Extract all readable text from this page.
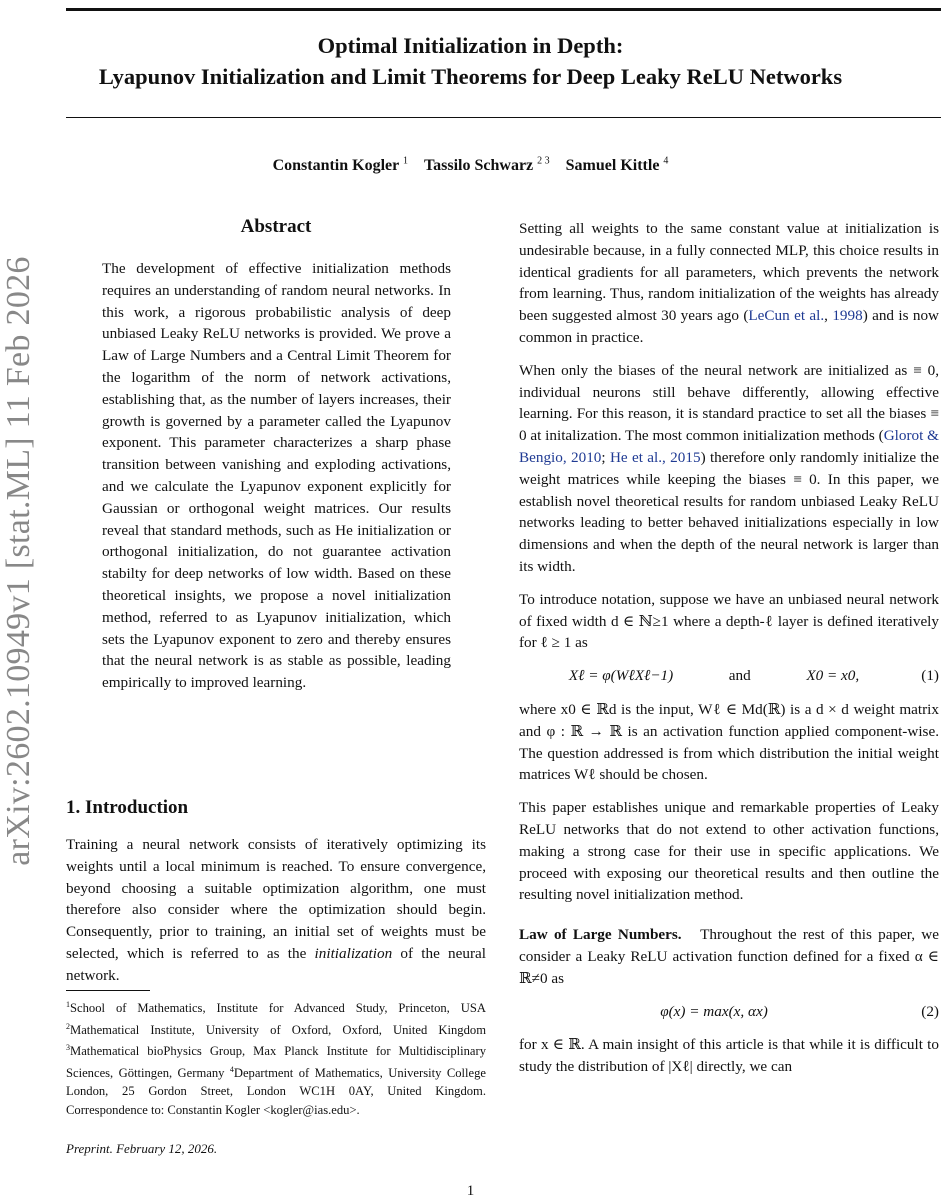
Optimal Initialization in Depth:
Lyapunov Initialization and Limit Theorems for Deep Leaky ReLU Networks
Constantin Kogler $^1$ Tassilo Schwarz $^{2 3}$ Samuel Kittle $^4$
arXiv:2602.10949v1 [stat.ML] 11 Feb 2026
Abstract
The development of effective initialization methods requires an understanding of random neural networks. In this work, a rigorous probabilistic analysis of deep unbiased Leaky ReLU networks is provided. We prove a Law of Large Numbers and a Central Limit Theorem for the logarithm of the norm of network activations, establishing that, as the number of layers increases, their growth is governed by a parameter called the Lyapunov exponent. This parameter characterizes a sharp phase transition between vanishing and exploding activations, and we calculate the Lyapunov exponent explicitly for Gaussian or orthogonal weight matrices. Our results reveal that standard methods, such as He initialization or orthogonal initialization, do not guarantee activation stabilty for deep networks of low width. Based on these theoretical insights, we propose a novel initialization method, referred to as Lyapunov initialization, which sets the Lyapunov exponent to zero and thereby ensures that the neural network is as stable as possible, leading empirically to improved learning.
1. Introduction

Training a neural network consists of iteratively optimizing its weights until a local minimum is reached. To ensure convergence, beyond choosing a suitable optimization algorithm, one must therefore also consider where the optimization should begin. Consequently, prior to training, an initial set of weights must be selected, which is referred to as the initialization of the neural network.

$^1$School of Mathematics, Institute for Advanced Study, Princeton, USA $^2$Mathematical Institute, University of Oxford, Oxford, United Kingdom $^3$Mathematical bioPhysics Group, Max Planck Institute for Multidisciplinary Sciences, Göttingen, Germany $^4$Department of Mathematics, University College London, 25 Gordon Street, London WC1H 0AY, United Kingdom. Correspondence to: Constantin Kogler <kogler@ias.edu>.
Preprint. February 12, 2026.
1

Setting all weights to the same constant value at initialization is undesirable because, in a fully connected MLP, this choice results in identical gradients for all parameters, which prevents the network from learning. Thus, random initialization of the weights has already been suggested almost 30 years ago (LeCun et al., 1998) and is now common in practice.

When only the biases of the neural network are initialized as ≡ 0, individual neurons still behave differently, allowing effective learning. For this reason, it is standard practice to set all the biases ≡ 0 at initalization. The most common initialization methods (Glorot & Bengio, 2010; He et al., 2015) therefore only randomly initialize the weight matrices while keeping the biases ≡ 0. In this paper, we establish novel theoretical results for random unbiased Leaky ReLU networks leading to better behaved initializations especially in low dimensions and when the depth of the neural network is larger than its width.

To introduce notation, suppose we have an unbiased neural network of fixed width d ∈ ℕ≥1 where a depth-ℓ layer is defined iteratively for ℓ ≥ 1 as

Xℓ = φ(WℓXℓ−1)	and	X0 = x0,	(1)

where x0 ∈ ℝd is the input, Wℓ ∈ Md(ℝ) is a d × d weight matrix and φ : ℝ → ℝ is an activation function applied component-wise. The question addressed is from which distribution the initial weight matrices Wℓ should be chosen.

This paper establishes unique and remarkable properties of Leaky ReLU networks that do not extend to other activation functions, making a strong case for their use in specific applications. We proceed with exposing our theoretical results and then outline the resulting novel initialization method.

Law of Large Numbers. Throughout the rest of this paper, we consider a Leaky ReLU activation function defined for a fixed α ∈ ℝ≠0 as

φ(x) = max(x, αx)	(2)

for x ∈ ℝ. A main insight of this article is that while it is difficult to study the distribution of |Xℓ| directly, we can
